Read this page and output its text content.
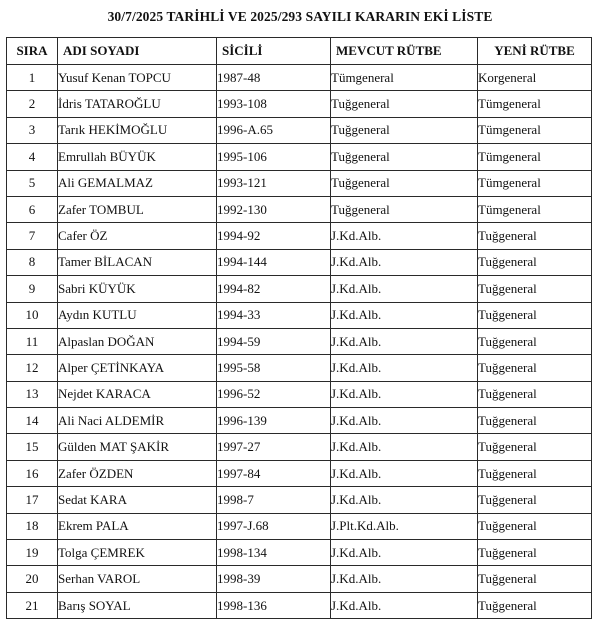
30/7/2025 TARİHLİ VE 2025/293 SAYILI KARARIN EKİ LİSTE
SIRA	ADI SOYADI	SİCİLİ	MEVCUT RÜTBE	YENİ RÜTBE
1	Yusuf Kenan TOPCU	1987-48	Tümgeneral	Korgeneral
2	İdris TATAROĞLU	1993-108	Tuğgeneral	Tümgeneral
3	Tarık HEKİMOĞLU	1996-A.65	Tuğgeneral	Tümgeneral
4	Emrullah BÜYÜK	1995-106	Tuğgeneral	Tümgeneral
5	Ali GEMALMAZ	1993-121	Tuğgeneral	Tümgeneral
6	Zafer TOMBUL	1992-130	Tuğgeneral	Tümgeneral
7	Cafer ÖZ	1994-92	J.Kd.Alb.	Tuğgeneral
8	Tamer BİLACAN	1994-144	J.Kd.Alb.	Tuğgeneral
9	Sabri KÜYÜK	1994-82	J.Kd.Alb.	Tuğgeneral
10	Aydın KUTLU	1994-33	J.Kd.Alb.	Tuğgeneral
11	Alpaslan DOĞAN	1994-59	J.Kd.Alb.	Tuğgeneral
12	Alper ÇETİNKAYA	1995-58	J.Kd.Alb.	Tuğgeneral
13	Nejdet KARACA	1996-52	J.Kd.Alb.	Tuğgeneral
14	Ali Naci ALDEMİR	1996-139	J.Kd.Alb.	Tuğgeneral
15	Gülden MAT ŞAKİR	1997-27	J.Kd.Alb.	Tuğgeneral
16	Zafer ÖZDEN	1997-84	J.Kd.Alb.	Tuğgeneral
17	Sedat KARA	1998-7	J.Kd.Alb.	Tuğgeneral
18	Ekrem PALA	1997-J.68	J.Plt.Kd.Alb.	Tuğgeneral
19	Tolga ÇEMREK	1998-134	J.Kd.Alb.	Tuğgeneral
20	Serhan VAROL	1998-39	J.Kd.Alb.	Tuğgeneral
21	Barış SOYAL	1998-136	J.Kd.Alb.	Tuğgeneral
